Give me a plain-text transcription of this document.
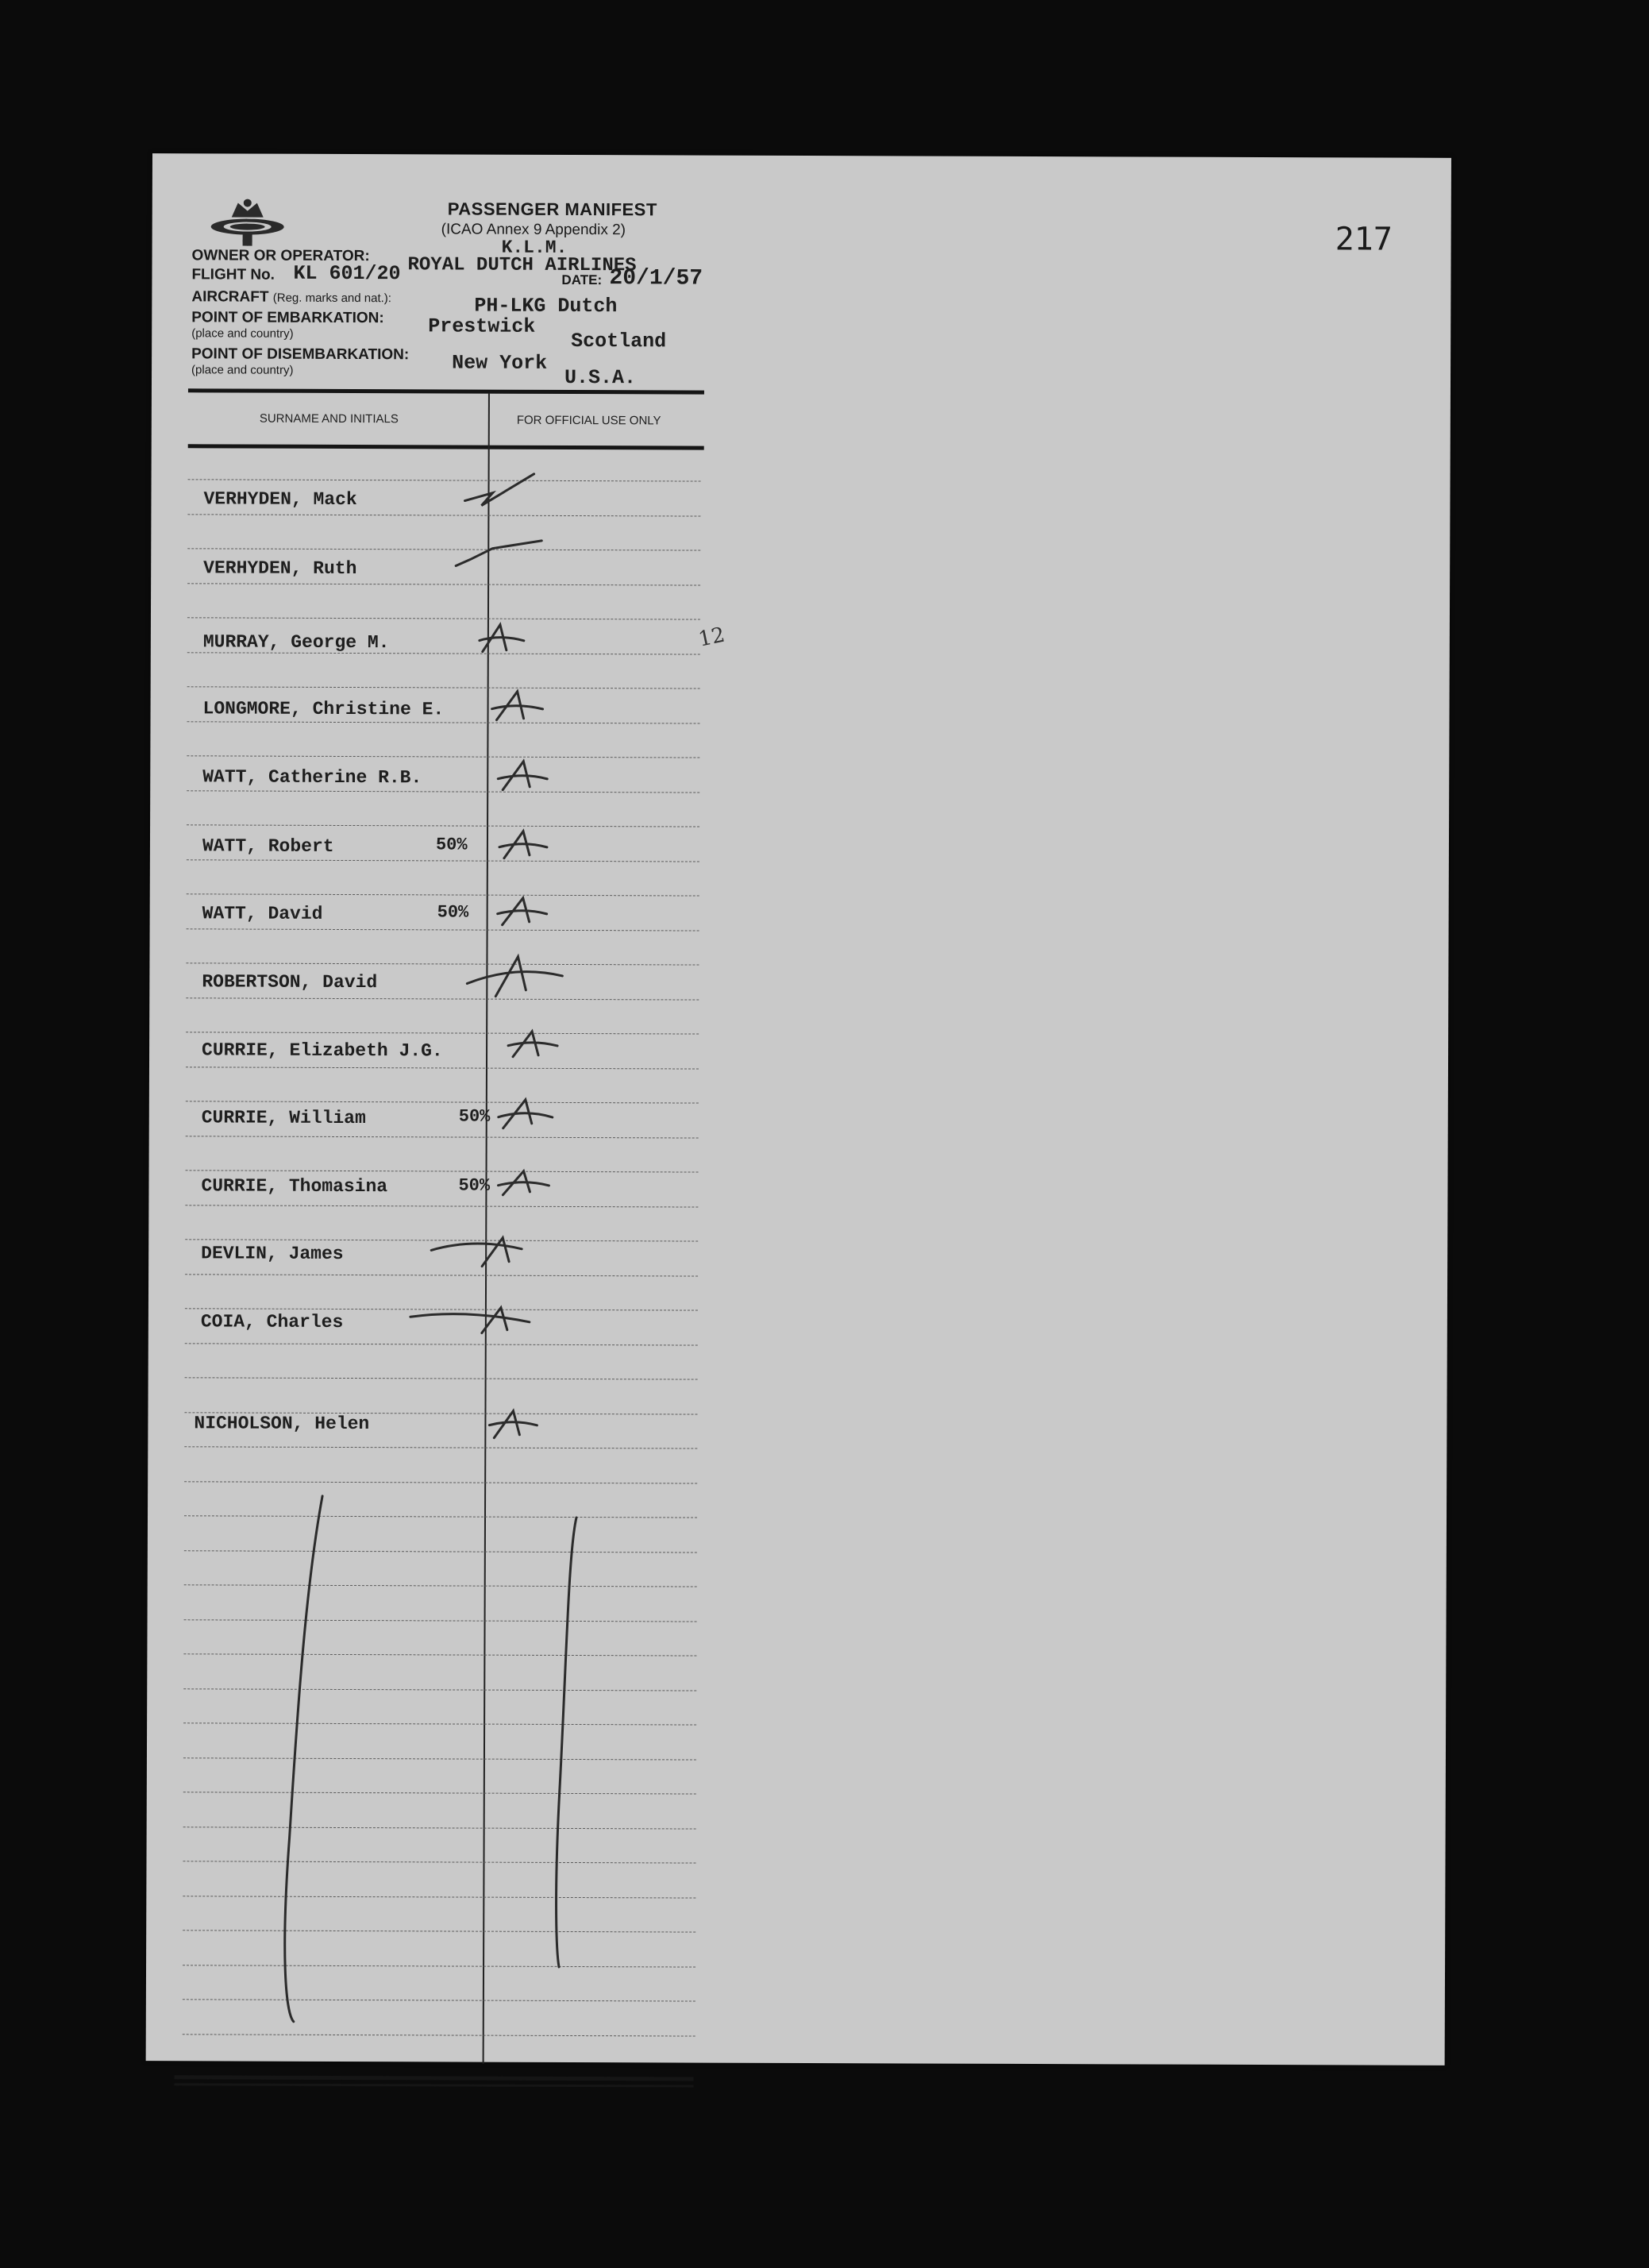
217
PASSENGER MANIFEST
(ICAO Annex 9 Appendix 2)
OWNER OR OPERATOR:	K.L.M.
ROYAL DUTCH AIRLINES
FLIGHT No. KL 601/20	DATE: 20/1/57
AIRCRAFT (Reg. marks and nat.):	PH-LKG Dutch
POINT OF EMBARKATION:
(place and country)	Prestwick
Scotland
POINT OF DISEMBARKATION:
(place and country)	New York
U.S.A.
SURNAME AND INITIALS	FOR OFFICIAL USE ONLY
VERHYDEN, Mack
VERHYDEN, Ruth
MURRAY, George M.
LONGMORE, Christine E.
WATT, Catherine R.B.
WATT, Robert	50%
WATT, David	50%
ROBERTSON, David
CURRIE, Elizabeth J.G.
CURRIE, William	50%
CURRIE, Thomasina	50%
DEVLIN, James
COIA, Charles
NICHOLSON, Helen
12
